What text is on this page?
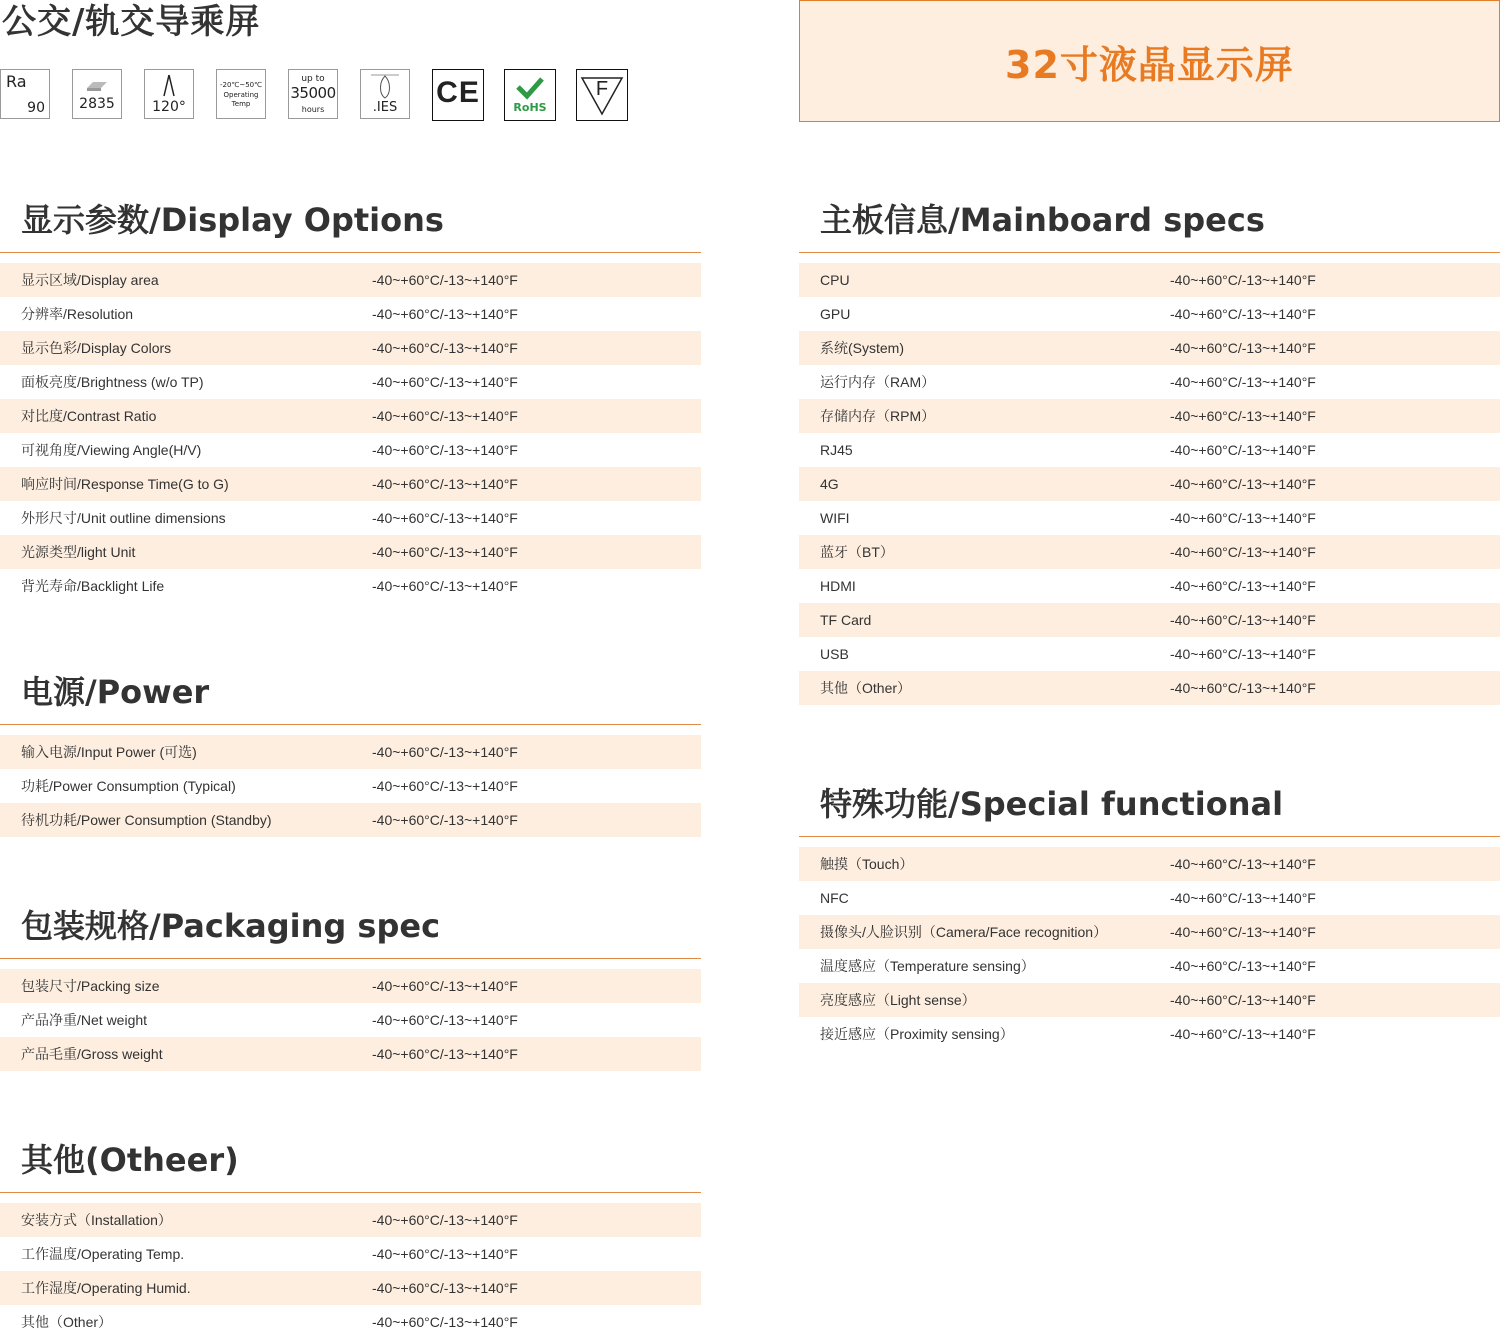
公交/轨交导乘屏
Ra
90	2835	120°
-20℃~50℃
Operating
Temp
up to
35000
hours	.IES	CE	RoHS
F
32寸液晶显示屏
显示参数/Display Options
显示区域/Display area	-40~+60°C/-13~+140°F
分辨率/Resolution	-40~+60°C/-13~+140°F
显示色彩/Display Colors	-40~+60°C/-13~+140°F
面板亮度/Brightness (w/o TP)	-40~+60°C/-13~+140°F
对比度/Contrast Ratio	-40~+60°C/-13~+140°F
可视角度/Viewing Angle(H/V)	-40~+60°C/-13~+140°F
响应时间/Response Time(G to G)	-40~+60°C/-13~+140°F
外形尺寸/Unit outline dimensions	-40~+60°C/-13~+140°F
光源类型/light Unit	-40~+60°C/-13~+140°F
背光寿命/Backlight Life	-40~+60°C/-13~+140°F
电源/Power
输入电源/Input Power (可选)	-40~+60°C/-13~+140°F
功耗/Power Consumption (Typical)	-40~+60°C/-13~+140°F
待机功耗/Power Consumption (Standby)	-40~+60°C/-13~+140°F
包装规格/Packaging spec
包装尺寸/Packing size	-40~+60°C/-13~+140°F
产品净重/Net weight	-40~+60°C/-13~+140°F
产品毛重/Gross weight	-40~+60°C/-13~+140°F
其他(Otheer)
安装方式（Installation）	-40~+60°C/-13~+140°F
工作温度/Operating Temp.	-40~+60°C/-13~+140°F
工作湿度/Operating Humid.	-40~+60°C/-13~+140°F
其他（Other）	-40~+60°C/-13~+140°F
主板信息/Mainboard specs
CPU	-40~+60°C/-13~+140°F
GPU	-40~+60°C/-13~+140°F
系统(System)	-40~+60°C/-13~+140°F
运行内存（RAM）	-40~+60°C/-13~+140°F
存储内存（RPM）	-40~+60°C/-13~+140°F
RJ45	-40~+60°C/-13~+140°F
4G	-40~+60°C/-13~+140°F
WIFI	-40~+60°C/-13~+140°F
蓝牙（BT）	-40~+60°C/-13~+140°F
HDMI	-40~+60°C/-13~+140°F
TF Card	-40~+60°C/-13~+140°F
USB	-40~+60°C/-13~+140°F
其他（Other）	-40~+60°C/-13~+140°F
特殊功能/Special functional
触摸（Touch）	-40~+60°C/-13~+140°F
NFC	-40~+60°C/-13~+140°F
摄像头/人脸识别（Camera/Face recognition）	-40~+60°C/-13~+140°F
温度感应（Temperature sensing）	-40~+60°C/-13~+140°F
亮度感应（Light sense）	-40~+60°C/-13~+140°F
接近感应（Proximity sensing）	-40~+60°C/-13~+140°F
